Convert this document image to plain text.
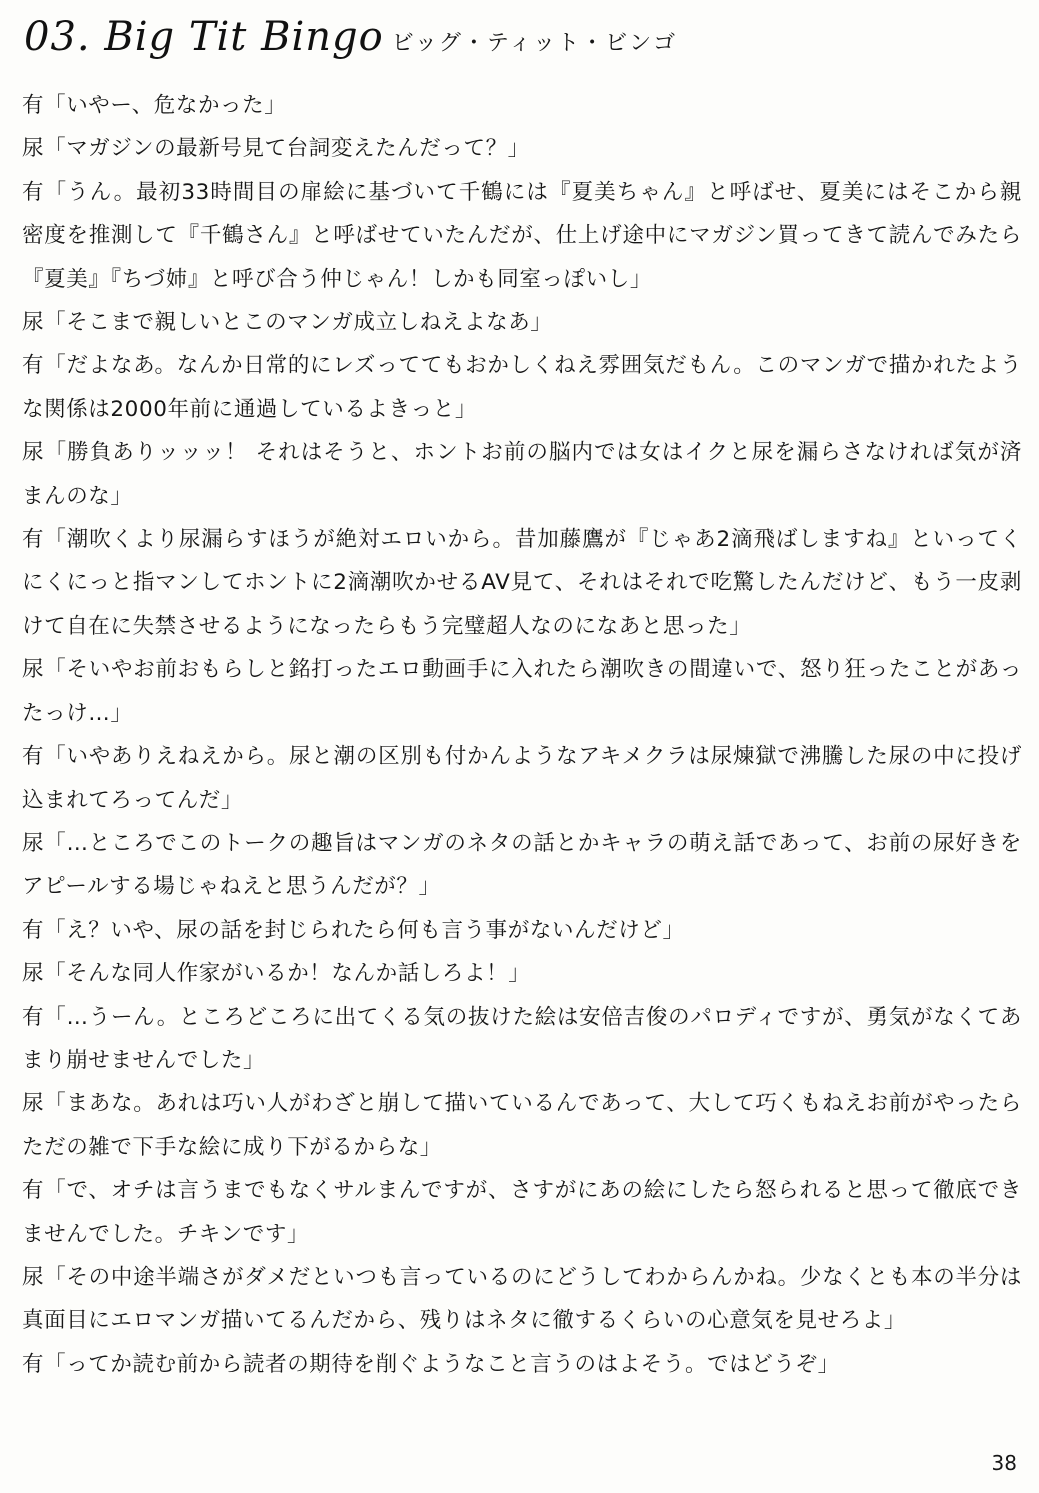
03. Big Tit Bingo ビッグ・ティット・ビンゴ

有「いやー、危なかった」

尿「マガジンの最新号見て台詞変えたんだって？」

有「うん。最初33時間目の扉絵に基づいて千鶴には『夏美ちゃん』と呼ばせ、夏美にはそこから親密度を推測して『千鶴さん』と呼ばせていたんだが、仕上げ途中にマガジン買ってきて読んでみたら『夏美』『ちづ姉』と呼び合う仲じゃん！しかも同室っぽいし」

尿「そこまで親しいとこのマンガ成立しねえよなあ」

有「だよなあ。なんか日常的にレズっててもおかしくねえ雰囲気だもん。このマンガで描かれたような関係は2000年前に通過しているよきっと」

尿「勝負ありッッッ！ それはそうと、ホントお前の脳内では女はイクと尿を漏らさなければ気が済まんのな」

有「潮吹くより尿漏らすほうが絶対エロいから。昔加藤鷹が『じゃあ2滴飛ばしますね』といってくにくにっと指マンしてホントに2滴潮吹かせるAV見て、それはそれで吃驚したんだけど、もう一皮剥けて自在に失禁させるようになったらもう完璧超人なのになあと思った」

尿「そいやお前おもらしと銘打ったエロ動画手に入れたら潮吹きの間違いで、怒り狂ったことがあったっけ…」

有「いやありえねえから。尿と潮の区別も付かんようなアキメクラは尿煉獄で沸騰した尿の中に投げ込まれてろってんだ」

尿「…ところでこのトークの趣旨はマンガのネタの話とかキャラの萌え話であって、お前の尿好きをアピールする場じゃねえと思うんだが？」

有「え？いや、尿の話を封じられたら何も言う事がないんだけど」

尿「そんな同人作家がいるか！なんか話しろよ！」

有「…うーん。ところどころに出てくる気の抜けた絵は安倍吉俊のパロディですが、勇気がなくてあまり崩せませんでした」

尿「まあな。あれは巧い人がわざと崩して描いているんであって、大して巧くもねえお前がやったらただの雑で下手な絵に成り下がるからな」

有「で、オチは言うまでもなくサルまんですが、さすがにあの絵にしたら怒られると思って徹底できませんでした。チキンです」

尿「その中途半端さがダメだといつも言っているのにどうしてわからんかね。少なくとも本の半分は真面目にエロマンガ描いてるんだから、残りはネタに徹するくらいの心意気を見せろよ」

有「ってか読む前から読者の期待を削ぐようなこと言うのはよそう。ではどうぞ」

38
